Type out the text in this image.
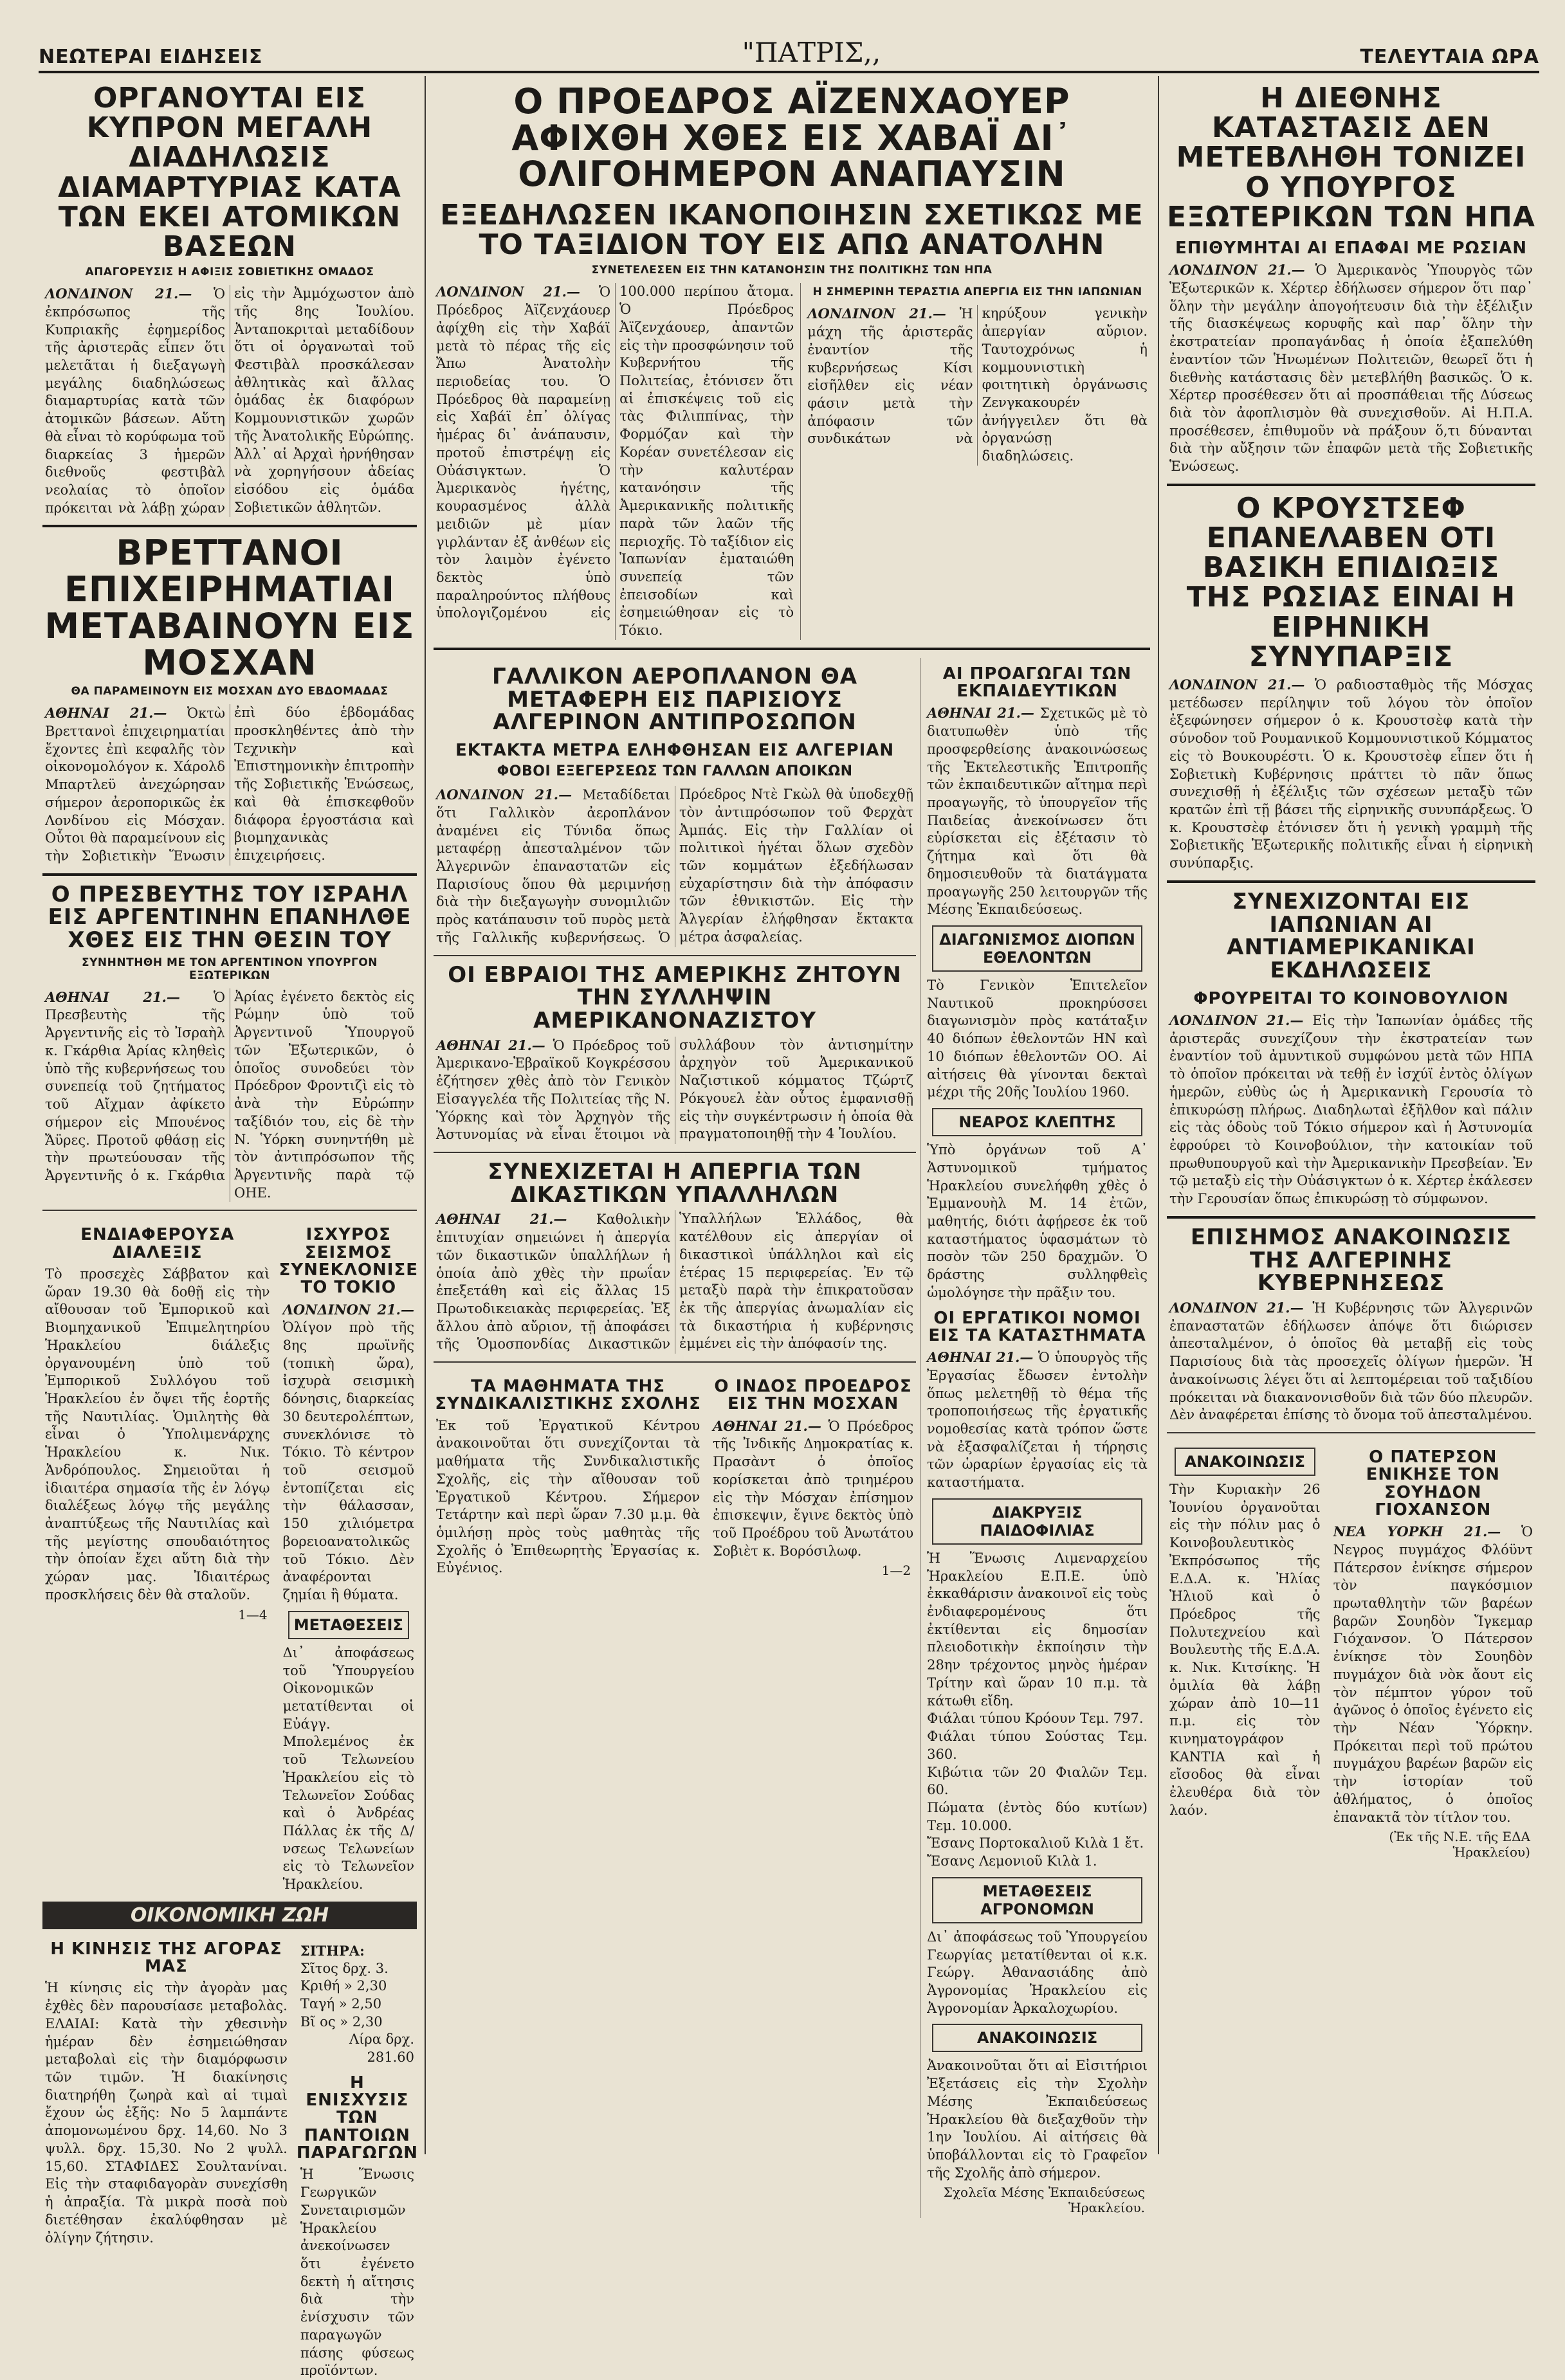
ΝΕΩΤΕΡΑΙ ΕΙΔΗΣΕΙΣ	"ΠΑΤΡΙΣ,,	ΤΕΛΕΥΤΑΙΑ ΩΡΑ
ΟΡΓΑΝΟΥΤΑΙ ΕΙΣ ΚΥΠΡΟΝ ΜΕΓΑΛΗ ΔΙΑΔΗΛΩΣΙΣ ΔΙΑΜΑΡΤΥΡΙΑΣ ΚΑΤΑ ΤΩΝ ΕΚΕΙ ΑΤΟΜΙΚΩΝ ΒΑΣΕΩΝ
ΑΠΑΓΟΡΕΥΣΙΣ Η ΑΦΙΞΙΣ ΣΟΒΙΕΤΙΚΗΣ ΟΜΑΔΟΣ
ΛΟΝΔΙΝΟΝ 21.— Ὁ ἐκπρόσωπος τῆς Κυπριακῆς ἐφημερίδος τῆς ἀριστερᾶς εἶπεν ὅτι μελετᾶται ἡ διεξαγωγὴ μεγάλης διαδηλώσεως διαμαρτυρίας κατὰ τῶν ἀτομικῶν βάσεων. Αὕτη θὰ εἶναι τὸ κορύφωμα τοῦ διαρκείας 3 ἡμερῶν διεθνοῦς φεστιβὰλ νεολαίας τὸ ὁποῖον πρόκειται νὰ λάβῃ χώραν εἰς τὴν Ἀμμόχωστον ἀπὸ τῆς 8ης Ἰουλίου. Ἀνταποκριταὶ μεταδίδουν ὅτι οἱ ὀργανωταὶ τοῦ Φεστιβὰλ προσκάλεσαν ἀθλητικὰς καὶ ἄλλας ὁμάδας ἐκ διαφόρων Κομμουνιστικῶν χωρῶν τῆς Ἀνατολικῆς Εὐρώπης. Ἀλλ᾽ αἱ Ἀρχαὶ ἠρνήθησαν νὰ χορηγήσουν ἀδείας εἰσόδου εἰς ὁμάδα Σοβιετικῶν ἀθλητῶν.
ΒΡΕΤΤΑΝΟΙ ΕΠΙΧΕΙΡΗΜΑΤΙΑΙ ΜΕΤΑΒΑΙΝΟΥΝ ΕΙΣ ΜΟΣΧΑΝ
ΘΑ ΠΑΡΑΜΕΙΝΟΥΝ ΕΙΣ ΜΟΣΧΑΝ ΔΥΟ ΕΒΔΟΜΑΔΑΣ
ΑΘΗΝΑΙ 21.— Ὀκτὼ Βρεττανοὶ ἐπιχειρηματίαι ἔχοντες ἐπὶ κεφαλῆς τὸν οἰκονομολόγον κ. Χάρολδ Μπαρτλεϋ ἀνεχώρησαν σήμερον ἀεροπορικῶς ἐκ Λονδίνου εἰς Μόσχαν. Οὗτοι θὰ παραμείνουν εἰς τὴν Σοβιετικὴν Ἕνωσιν ἐπὶ δύο ἑβδομάδας προσκληθέντες ἀπὸ τὴν Τεχνικὴν καὶ Ἐπιστημονικὴν ἐπιτροπὴν τῆς Σοβιετικῆς Ἑνώσεως, καὶ θὰ ἐπισκεφθοῦν διάφορα ἐργοστάσια καὶ βιομηχανικὰς ἐπιχειρήσεις.
Ο ΠΡΕΣΒΕΥΤΗΣ ΤΟΥ ΙΣΡΑΗΛ ΕΙΣ ΑΡΓΕΝΤΙΝΗΝ ΕΠΑΝΗΛΘΕ ΧΘΕΣ ΕΙΣ ΤΗΝ ΘΕΣΙΝ ΤΟΥ
ΣΥΝΗΝΤΗΘΗ ΜΕ ΤΟΝ ΑΡΓΕΝΤΙΝΟΝ ΥΠΟΥΡΓΟΝ ΕΞΩΤΕΡΙΚΩΝ
ΑΘΗΝΑΙ 21.— Ὁ Πρεσβευτὴς τῆς Ἀργεντινῆς εἰς τὸ Ἰσραὴλ κ. Γκάρθια Ἀρίας κληθεὶς ὑπὸ τῆς κυβερνήσεως του συνεπείᾳ τοῦ ζητήματος τοῦ Αἴχμαν ἀφίκετο σήμερον εἰς Μπουένος Ἄϋρες. Προτοῦ φθάσῃ εἰς τὴν πρωτεύουσαν τῆς Ἀργεντινῆς ὁ κ. Γκάρθια Ἀρίας ἐγένετο δεκτὸς εἰς Ρώμην ὑπὸ τοῦ Ἀργεντινοῦ Ὑπουργοῦ τῶν Ἐξωτερικῶν, ὁ ὁποῖος συνοδεύει τὸν Πρόεδρον Φροντιζὶ εἰς τὸ ἀνὰ τὴν Εὐρώπην ταξίδιόν του, εἰς δὲ τὴν Ν. Ὑόρκη συνηντήθη μὲ τὸν ἀντιπρόσωπον τῆς Ἀργεντινῆς παρὰ τῷ ΟΗΕ.
ΕΝΔΙΑΦΕΡΟΥΣΑ ΔΙΑΛΕΞΙΣ
Τὸ προσεχὲς Σάββατον καὶ ὥραν 19.30 θὰ δοθῇ εἰς τὴν αἴθουσαν τοῦ Ἐμπορικοῦ καὶ Βιομηχανικοῦ Ἐπιμελητηρίου Ἡρακλείου διάλεξις ὀργανουμένη ὑπὸ τοῦ Ἐμπορικοῦ Συλλόγου τοῦ Ἡρακλείου ἐν ὄψει τῆς ἑορτῆς τῆς Ναυτιλίας. Ὁμιλητὴς θὰ εἶναι ὁ Ὑπολιμενάρχης Ἡρακλείου κ. Νικ. Ἀνδρόπουλος. Σημειοῦται ἡ ἰδιαιτέρα σημασία τῆς ἐν λόγῳ διαλέξεως λόγῳ τῆς μεγάλης ἀναπτύξεως τῆς Ναυτιλίας καὶ τῆς μεγίστης σπουδαιότητος τὴν ὁποίαν ἔχει αὕτη διὰ τὴν χώραν μας. Ἰδιαιτέρως προσκλήσεις δὲν θὰ σταλοῦν.
1—4
ΙΣΧΥΡΟΣ ΣΕΙΣΜΟΣ ΣΥΝΕΚΛΟΝΙΣΕ ΤΟ ΤΟΚΙΟ
ΛΟΝΔΙΝΟΝ 21.— Ὀλίγον πρὸ τῆς 8ης πρωϊνῆς (τοπικὴ ὥρα), ἰσχυρὰ σεισμικὴ δόνησις, διαρκείας 30 δευτερολέπτων, συνεκλόνισε τὸ Τόκιο. Τὸ κέντρον τοῦ σεισμοῦ ἐντοπίζεται εἰς τὴν θάλασσαν, 150 χιλιόμετρα βορειοανατολικῶς τοῦ Τόκιο. Δὲν ἀναφέρονται ζημίαι ἢ θύματα.
ΜΕΤΑΘΕΣΕΙΣ
Δι᾽ ἀποφάσεως τοῦ Ὑπουργείου Οἰκονομικῶν μετατίθενται οἱ Εὐάγγ. Μπολεμένος ἐκ τοῦ Τελωνείου Ἡρακλείου εἰς τὸ Τελωνεῖον Σούδας καὶ ὁ Ἀνδρέας Πάλλας ἐκ τῆς Δ/νσεως Τελωνείων εἰς τὸ Τελωνεῖον Ἡρακλείου.
ΟΙΚΟΝΟΜΙΚΗ ΖΩΗ
Η ΚΙΝΗΣΙΣ ΤΗΣ ΑΓΟΡΑΣ ΜΑΣ
Ἡ κίνησις εἰς τὴν ἀγορὰν μας ἐχθὲς δὲν παρουσίασε μεταβολὰς. ΕΛΑΙΑΙ: Κατὰ τὴν χθεσινὴν ἡμέραν δὲν ἐσημειώθησαν μεταβολαὶ εἰς τὴν διαμόρφωσιν τῶν τιμῶν. Ἡ διακίνησις διατηρήθη ζωηρὰ καὶ αἱ τιμαὶ ἔχουν ὡς ἑξῆς: Νο 5 λαμπάντε ἀπομονωμένου δρχ. 14,60. Νο 3 ψυλλ. δρχ. 15,30. Νο 2 ψυλλ. 15,60. ΣΤΑΦΙΔΕΣ Σουλτανίναι. Εἰς τὴν σταφιδαγορὰν συνεχίσθη ἡ ἀπραξία. Τὰ μικρὰ ποσὰ ποὺ διετέθησαν ἐκαλύφθησαν μὲ ὀλίγην ζήτησιν.
ΣΙΤΗΡΑ:
Σῖτος δρχ. 3.
Κριθή » 2,30
Ταγή » 2,50
Βῖ ος » 2,30
Λίρα δρχ. 281.60
Η ΕΝΙΣΧΥΣΙΣ ΤΩΝ ΠΑΝΤΟΙΩΝ ΠΑΡΑΓΩΓΩΝ
Ἡ Ἕνωσις Γεωργικῶν Συνεταιρισμῶν Ἡρακλείου ἀνεκοίνωσεν ὅτι ἐγένετο δεκτὴ ἡ αἴτησις διὰ τὴν ἐνίσχυσιν τῶν παραγωγῶν πάσης φύσεως προϊόντων.
Ο ΠΡΟΕΔΡΟΣ ΑΪΖΕΝΧΑΟΥΕΡ ΑΦΙΧΘΗ ΧΘΕΣ ΕΙΣ ΧΑΒΑΪ ΔΙ᾽ ΟΛΙΓΟΗΜΕΡΟΝ ΑΝΑΠΑΥΣΙΝ
ΕΞΕΔΗΛΩΣΕΝ ΙΚΑΝΟΠΟΙΗΣΙΝ ΣΧΕΤΙΚΩΣ ΜΕ ΤΟ ΤΑΞΙΔΙΟΝ ΤΟΥ ΕΙΣ ΑΠΩ ΑΝΑΤΟΛΗΝ
ΣΥΝΕΤΕΛΕΣΕΝ ΕΙΣ ΤΗΝ ΚΑΤΑΝΟΗΣΙΝ ΤΗΣ ΠΟΛΙΤΙΚΗΣ ΤΩΝ ΗΠΑ
ΛΟΝΔΙΝΟΝ 21.— Ὁ Πρόεδρος Ἀϊζενχάουερ ἀφίχθη εἰς τὴν Χαβάϊ μετὰ τὸ πέρας τῆς εἰς Ἄπω Ἀνατολὴν περιοδείας του. Ὁ Πρόεδρος θὰ παραμείνῃ εἰς Χαβάϊ ἐπ᾽ ὀλίγας ἡμέρας δι᾽ ἀνάπαυσιν, προτοῦ ἐπιστρέψῃ εἰς Οὐάσιγκτων. Ὁ Ἀμερικανὸς ἡγέτης, κουρασμένος ἀλλὰ μειδιῶν μὲ μίαν γιρλάνταν ἐξ ἀνθέων εἰς τὸν λαιμὸν ἐγένετο δεκτὸς ὑπὸ παραληρούντος πλήθους ὑπολογιζομένου εἰς 100.000 περίπου ἄτομα. Ὁ Πρόεδρος Ἀϊζενχάουερ, ἀπαντῶν εἰς τὴν προσφώνησιν τοῦ Κυβερνήτου τῆς Πολιτείας, ἐτόνισεν ὅτι αἱ ἐπισκέψεις τοῦ εἰς τὰς Φιλιππίνας, τὴν Φορμόζαν καὶ τὴν Κορέαν συνετέλεσαν εἰς τὴν καλυτέραν κατανόησιν τῆς Ἀμερικανικῆς πολιτικῆς παρὰ τῶν λαῶν τῆς περιοχῆς. Τὸ ταξίδιον εἰς Ἰαπωνίαν ἐματαιώθη συνεπείᾳ τῶν ἐπεισοδίων καὶ ἐσημειώθησαν εἰς τὸ Τόκιο.
Η ΣΗΜΕΡΙΝΗ ΤΕΡΑΣΤΙΑ ΑΠΕΡΓΙΑ ΕΙΣ ΤΗΝ ΙΑΠΩΝΙΑΝ
ΛΟΝΔΙΝΟΝ 21.— Ἡ μάχη τῆς ἀριστερᾶς ἐναντίον τῆς κυβερνήσεως Κίσι εἰσῆλθεν εἰς νέαν φάσιν μετὰ τὴν ἀπόφασιν τῶν συνδικάτων νὰ κηρύξουν γενικὴν ἀπεργίαν αὔριον. Ταυτοχρόνως ἡ κομμουνιστικὴ φοιτητικὴ ὀργάνωσις Ζενγκακουρέν ἀνήγγειλεν ὅτι θὰ ὀργανώσῃ διαδηλώσεις.
ΓΑΛΛΙΚΟΝ ΑΕΡΟΠΛΑΝΟΝ ΘΑ ΜΕΤΑΦΕΡΗ ΕΙΣ ΠΑΡΙΣΙΟΥΣ ΑΛΓΕΡΙΝΟΝ ΑΝΤΙΠΡΟΣΩΠΟΝ
ΕΚΤΑΚΤΑ ΜΕΤΡΑ ΕΛΗΦΘΗΣΑΝ ΕΙΣ ΑΛΓΕΡΙΑΝ
ΦΟΒΟΙ ΕΞΕΓΕΡΣΕΩΣ ΤΩΝ ΓΑΛΛΩΝ ΑΠΟΙΚΩΝ
ΛΟΝΔΙΝΟΝ 21.— Μεταδίδεται ὅτι Γαλλικὸν ἀεροπλάνον ἀναμένει εἰς Τύνιδα ὅπως μεταφέρῃ ἀπεσταλμένον τῶν Ἀλγερινῶν ἐπαναστατῶν εἰς Παρισίους ὅπου θὰ μεριμνήσῃ διὰ τὴν διεξαγωγὴν συνομιλιῶν πρὸς κατάπαυσιν τοῦ πυρὸς μετὰ τῆς Γαλλικῆς κυβερνήσεως. Ὁ Πρόεδρος Ντὲ Γκὼλ θὰ ὑποδεχθῇ τὸν ἀντιπρόσωπον τοῦ Φερχὰτ Ἀμπάς. Εἰς τὴν Γαλλίαν οἱ πολιτικοὶ ἡγέται ὅλων σχεδὸν τῶν κομμάτων ἐξεδήλωσαν εὐχαρίστησιν διὰ τὴν ἀπόφασιν τῶν ἐθνικιστῶν. Εἰς τὴν Ἀλγερίαν ἐλήφθησαν ἔκτακτα μέτρα ἀσφαλείας.
ΟΙ ΕΒΡΑΙΟΙ ΤΗΣ ΑΜΕΡΙΚΗΣ ΖΗΤΟΥΝ ΤΗΝ ΣΥΛΛΗΨΙΝ ΑΜΕΡΙΚΑΝΟΝΑΖΙΣΤΟΥ
ΑΘΗΝΑΙ 21.— Ὁ Πρόεδρος τοῦ Ἀμερικανο-Ἑβραϊκοῦ Κογκρέσσου ἐζήτησεν χθὲς ἀπὸ τὸν Γενικὸν Εἰσαγγελέα τῆς Πολιτείας τῆς Ν. Ὑόρκης καὶ τὸν Ἀρχηγὸν τῆς Ἀστυνομίας νὰ εἶναι ἕτοιμοι νὰ συλλάβουν τὸν ἀντισημίτην ἀρχηγὸν τοῦ Ἀμερικανικοῦ Ναζιστικοῦ κόμματος Τζώρτζ Ρόκγουελ ἐὰν οὗτος ἐμφανισθῇ εἰς τὴν συγκέντρωσιν ἡ ὁποία θὰ πραγματοποιηθῇ τὴν 4 Ἰουλίου.
ΣΥΝΕΧΙΖΕΤΑΙ Η ΑΠΕΡΓΙΑ ΤΩΝ ΔΙΚΑΣΤΙΚΩΝ ΥΠΑΛΛΗΛΩΝ
ΑΘΗΝΑΙ 21.— Καθολικὴν ἐπιτυχίαν σημειώνει ἡ ἀπεργία τῶν δικαστικῶν ὑπαλλήλων ἡ ὁποία ἀπὸ χθὲς τὴν πρωΐαν ἐπεξετάθη καὶ εἰς ἄλλας 15 Πρωτοδικειακὰς περιφερείας. Ἐξ ἄλλου ἀπὸ αὔριον, τῇ ἀποφάσει τῆς Ὁμοσπονδίας Δικαστικῶν Ὑπαλλήλων Ἑλλάδος, θὰ κατέλθουν εἰς ἀπεργίαν οἱ δικαστικοὶ ὑπάλληλοι καὶ εἰς ἑτέρας 15 περιφερείας. Ἐν τῷ μεταξὺ παρὰ τὴν ἐπικρατοῦσαν ἐκ τῆς ἀπεργίας ἀνωμαλίαν εἰς τὰ δικαστήρια ἡ κυβέρνησις ἐμμένει εἰς τὴν ἀπόφασίν της.
ΤΑ ΜΑΘΗΜΑΤΑ ΤΗΣ ΣΥΝΔΙΚΑΛΙΣΤΙΚΗΣ ΣΧΟΛΗΣ
Ἐκ τοῦ Ἐργατικοῦ Κέντρου ἀνακοινοῦται ὅτι συνεχίζονται τὰ μαθήματα τῆς Συνδικαλιστικῆς Σχολῆς, εἰς τὴν αἴθουσαν τοῦ Ἐργατικοῦ Κέντρου. Σήμερον Τετάρτην καὶ περὶ ὥραν 7.30 μ.μ. θὰ ὁμιλήσῃ πρὸς τοὺς μαθητὰς τῆς Σχολῆς ὁ Ἐπιθεωρητὴς Ἐργασίας κ. Εὐγένιος.
Ο ΙΝΔΟΣ ΠΡΟΕΔΡΟΣ ΕΙΣ ΤΗΝ ΜΟΣΧΑΝ
ΑΘΗΝΑΙ 21.— Ὁ Πρόεδρος τῆς Ἰνδικῆς Δημοκρατίας κ. Πρασὰντ ὁ ὁποῖος κορίσκεται ἀπὸ τριημέρου εἰς τὴν Μόσχαν ἐπίσημον ἐπισκεψιν, ἔγινε δεκτὸς ὑπὸ τοῦ Προέδρου τοῦ Ἀνωτάτου Σοβιὲτ κ. Βορόσιλωφ.
1—2
ΑΙ ΠΡΟΑΓΩΓΑΙ ΤΩΝ ΕΚΠΑΙΔΕΥΤΙΚΩΝ
ΑΘΗΝΑΙ 21.— Σχετικῶς μὲ τὸ διατυπωθὲν ὑπὸ τῆς προσφερθείσης ἀνακοινώσεως τῆς Ἐκτελεστικῆς Ἐπιτροπῆς τῶν ἐκπαιδευτικῶν αἴτημα περὶ προαγωγῆς, τὸ ὑπουργεῖον τῆς Παιδείας ἀνεκοίνωσεν ὅτι εὑρίσκεται εἰς ἐξέτασιν τὸ ζήτημα καὶ ὅτι θὰ δημοσιευθοῦν τὰ διατάγματα προαγωγῆς 250 λειτουργῶν τῆς Μέσης Ἐκπαιδεύσεως.
ΔΙΑΓΩΝΙΣΜΟΣ ΔΙΟΠΩΝ ΕΘΕΛΟΝΤΩΝ
Τὸ Γενικὸν Ἐπιτελεῖον Ναυτικοῦ προκηρύσσει διαγωνισμὸν πρὸς κατάταξιν 40 διόπων ἐθελοντῶν ΗΝ καὶ 10 διόπων ἐθελοντῶν ΟΟ. Αἱ αἰτήσεις θὰ γίνονται δεκταὶ μέχρι τῆς 20ῆς Ἰουλίου 1960.
ΝΕΑΡΟΣ ΚΛΕΠΤΗΣ
Ὑπὸ ὀργάνων τοῦ Α᾽ Ἀστυνομικοῦ τμήματος Ἡρακλείου συνελήφθη χθὲς ὁ Ἐμμανουὴλ Μ. 14 ἐτῶν, μαθητής, διότι ἀφῄρεσε ἐκ τοῦ καταστήματος ὑφασμάτων τὸ ποσὸν τῶν 250 δραχμῶν. Ὁ δράστης συλληφθεὶς ὡμολόγησε τὴν πρᾶξιν του.
ΟΙ ΕΡΓΑΤΙΚΟΙ ΝΟΜΟΙ ΕΙΣ ΤΑ ΚΑΤΑΣΤΗΜΑΤΑ
ΑΘΗΝΑΙ 21.— Ὁ ὑπουργὸς τῆς Ἐργασίας ἔδωσεν ἐντολὴν ὅπως μελετηθῇ τὸ θέμα τῆς τροποποιήσεως τῆς ἐργατικῆς νομοθεσίας κατὰ τρόπον ὥστε νὰ ἐξασφαλίζεται ἡ τήρησις τῶν ὡραρίων ἐργασίας εἰς τὰ καταστήματα.
ΔΙΑΚΡΥΞΙΣ ΠΑΙΔΟΦΙΛΙΑΣ
Ἡ Ἕνωσις Λιμεναρχείου Ἡρακλείου Ε.Π.Ε. ὑπὸ ἐκκαθάρισιν ἀνακοινοῖ εἰς τοὺς ἐνδιαφερομένους ὅτι ἐκτίθενται εἰς δημοσίαν πλειοδοτικὴν ἐκποίησιν τὴν 28ην τρέχοντος μηνὸς ἡμέραν Τρίτην καὶ ὥραν 10 π.μ. τὰ κάτωθι εἴδη.
Φιάλαι τύπου Κρόουν Τεμ. 797.
Φιάλαι τύπου Σούστας Τεμ. 360.
Κιβώτια τῶν 20 Φιαλῶν Τεμ. 60.
Πώματα (ἐντὸς δύο κυτίων) Τεμ. 10.000.
Ἔσανς Πορτοκαλιοῦ Κιλὰ 1 ἔτ.
Ἔσανς Λεμονιοῦ Κιλὰ 1.
ΜΕΤΑΘΕΣΕΙΣ ΑΓΡΟΝΟΜΩΝ
Δι᾽ ἀποφάσεως τοῦ Ὑπουργείου Γεωργίας μετατίθενται οἱ κ.κ. Γεώργ. Ἀθανασιάδης ἀπὸ Ἀγρονομίας Ἡρακλείου εἰς Ἀγρονομίαν Ἀρκαλοχωρίου.
ΑΝΑΚΟΙΝΩΣΙΣ
Ἀνακοινοῦται ὅτι αἱ Εἰσιτήριοι Ἐξετάσεις εἰς τὴν Σχολὴν Μέσης Ἐκπαιδεύσεως Ἡρακλείου θὰ διεξαχθοῦν τὴν 1ην Ἰουλίου. Αἱ αἰτήσεις θὰ ὑποβάλλονται εἰς τὸ Γραφεῖον τῆς Σχολῆς ἀπὸ σήμερον.
Σχολεῖα Μέσης Ἐκπαιδεύσεως Ἡρακλείου.
Η ΔΙΕΘΝΗΣ ΚΑΤΑΣΤΑΣΙΣ ΔΕΝ ΜΕΤΕΒΛΗΘΗ ΤΟΝΙΖΕΙ Ο ΥΠΟΥΡΓΟΣ ΕΞΩΤΕΡΙΚΩΝ ΤΩΝ ΗΠΑ
ΕΠΙΘΥΜΗΤΑΙ ΑΙ ΕΠΑΦΑΙ ΜΕ ΡΩΣΙΑΝ
ΛΟΝΔΙΝΟΝ 21.— Ὁ Ἀμερικανὸς Ὑπουργὸς τῶν Ἐξωτερικῶν κ. Χέρτερ ἐδήλωσεν σήμερον ὅτι παρ᾽ ὅλην τὴν μεγάλην ἀπογοήτευσιν διὰ τὴν ἐξέλιξιν τῆς διασκέψεως κορυφῆς καὶ παρ᾽ ὅλην τὴν ἐκστρατείαν προπαγάνδας ἡ ὁποία ἐξαπελύθη ἐναντίον τῶν Ἡνωμένων Πολιτειῶν, θεωρεῖ ὅτι ἡ διεθνὴς κατάστασις δὲν μετεβλήθη βασικῶς. Ὁ κ. Χέρτερ προσέθεσεν ὅτι αἱ προσπάθειαι τῆς Δύσεως διὰ τὸν ἀφοπλισμὸν θὰ συνεχισθοῦν. Αἱ Η.Π.Α. προσέθεσεν, ἐπιθυμοῦν νὰ πράξουν ὅ,τι δύνανται διὰ τὴν αὔξησιν τῶν ἐπαφῶν μετὰ τῆς Σοβιετικῆς Ἑνώσεως.
Ο ΚΡΟΥΣΤΣΕΦ ΕΠΑΝΕΛΑΒΕΝ ΟΤΙ ΒΑΣΙΚΗ ΕΠΙΔΙΩΞΙΣ ΤΗΣ ΡΩΣΙΑΣ ΕΙΝΑΙ Η ΕΙΡΗΝΙΚΗ ΣΥΝΥΠΑΡΞΙΣ
ΛΟΝΔΙΝΟΝ 21.— Ὁ ραδιοσταθμὸς τῆς Μόσχας μετέδωσεν περίληψιν τοῦ λόγου τὸν ὁποῖον ἐξεφώνησεν σήμερον ὁ κ. Κρουστσὲφ κατὰ τὴν σύνοδον τοῦ Ρουμανικοῦ Κομμουνιστικοῦ Κόμματος εἰς τὸ Βουκουρέστι. Ὁ κ. Κρουστσὲφ εἶπεν ὅτι ἡ Σοβιετικὴ Κυβέρνησις πράττει τὸ πᾶν ὅπως συνεχισθῇ ἡ ἐξέλιξις τῶν σχέσεων μεταξὺ τῶν κρατῶν ἐπὶ τῇ βάσει τῆς εἰρηνικῆς συνυπάρξεως. Ὁ κ. Κρουστσὲφ ἐτόνισεν ὅτι ἡ γενικὴ γραμμὴ τῆς Σοβιετικῆς Ἐξωτερικῆς πολιτικῆς εἶναι ἡ εἰρηνικὴ συνύπαρξις.
ΣΥΝΕΧΙΖΟΝΤΑΙ ΕΙΣ ΙΑΠΩΝΙΑΝ ΑΙ ΑΝΤΙΑΜΕΡΙΚΑΝΙΚΑΙ ΕΚΔΗΛΩΣΕΙΣ
ΦΡΟΥΡΕΙΤΑΙ ΤΟ ΚΟΙΝΟΒΟΥΛΙΟΝ
ΛΟΝΔΙΝΟΝ 21.— Εἰς τὴν Ἰαπωνίαν ὁμάδες τῆς ἀριστερᾶς συνεχίζουν τὴν ἐκστρατείαν των ἐναντίον τοῦ ἀμυντικοῦ συμφώνου μετὰ τῶν ΗΠΑ τὸ ὁποῖον πρόκειται νὰ τεθῇ ἐν ἰσχύϊ ἐντὸς ὀλίγων ἡμερῶν, εὐθὺς ὡς ἡ Ἀμερικανικὴ Γερουσία τὸ ἐπικυρώσῃ πλήρως. Διαδηλωταὶ ἐξῆλθον καὶ πάλιν εἰς τὰς ὁδοὺς τοῦ Τόκιο σήμερον καὶ ἡ Ἀστυνομία ἐφρούρει τὸ Κοινοβούλιον, τὴν κατοικίαν τοῦ πρωθυπουργοῦ καὶ τὴν Ἀμερικανικὴν Πρεσβείαν. Ἐν τῷ μεταξὺ εἰς τὴν Οὐάσιγκτων ὁ κ. Χέρτερ ἐκάλεσεν τὴν Γερουσίαν ὅπως ἐπικυρώσῃ τὸ σύμφωνον.
ΕΠΙΣΗΜΟΣ ΑΝΑΚΟΙΝΩΣΙΣ ΤΗΣ ΑΛΓΕΡΙΝΗΣ ΚΥΒΕΡΝΗΣΕΩΣ
ΛΟΝΔΙΝΟΝ 21.— Ἡ Κυβέρνησις τῶν Ἀλγερινῶν ἐπαναστατῶν ἐδήλωσεν ἀπόψε ὅτι διώρισεν ἀπεσταλμένον, ὁ ὁποῖος θὰ μεταβῇ εἰς τοὺς Παρισίους διὰ τὰς προσεχεῖς ὀλίγων ἡμερῶν. Ἡ ἀνακοίνωσις λέγει ὅτι αἱ λεπτομέρειαι τοῦ ταξιδίου πρόκειται νὰ διακανονισθοῦν διὰ τῶν δύο πλευρῶν. Δὲν ἀναφέρεται ἐπίσης τὸ ὄνομα τοῦ ἀπεσταλμένου.
ΑΝΑΚΟΙΝΩΣΙΣ
Τὴν Κυριακὴν 26 Ἰουνίου ὀργανοῦται εἰς τὴν πόλιν μας ὁ Κοινοβουλευτικὸς Ἐκπρόσωπος τῆς Ε.Δ.Α. κ. Ἠλίας Ἠλιοῦ καὶ ὁ Πρόεδρος τῆς Πολυτεχνείου καὶ Βουλευτὴς τῆς Ε.Δ.Α. κ. Νικ. Κιτσίκης. Ἡ ὁμιλία θὰ λάβῃ χώραν ἀπὸ 10—11 π.μ. εἰς τὸν κινηματογράφον ΚΑΝΤΙΑ καὶ ἡ εἴσοδος θὰ εἶναι ἐλευθέρα διὰ τὸν λαόν.
Ο ΠΑΤΕΡΣΟΝ ΕΝΙΚΗΣΕ ΤΟΝ ΣΟΥΗΔΟΝ ΓΙΟΧΑΝΣΟΝ
ΝΕΑ ΥΟΡΚΗ 21.— Ὁ Νεγρος πυγμάχος Φλόϋντ Πάτερσον ἐνίκησε σήμερον τὸν παγκόσμιον πρωταθλητὴν τῶν βαρέων βαρῶν Σουηδὸν Ἴγκεμαρ Γιόχανσον. Ὁ Πάτερσον ἐνίκησε τὸν Σουηδὸν πυγμάχον διὰ νὸκ ἄουτ εἰς τὸν πέμπτον γύρον τοῦ ἀγῶνος ὁ ὁποῖος ἐγένετο εἰς τὴν Νέαν Ὑόρκην. Πρόκειται περὶ τοῦ πρώτου πυγμάχου βαρέων βαρῶν εἰς τὴν ἱστορίαν τοῦ ἀθλήματος, ὁ ὁποῖος ἐπανακτᾶ τὸν τίτλον του.
(Ἐκ τῆς Ν.Ε. τῆς ΕΔΑ Ἡρακλείου)
